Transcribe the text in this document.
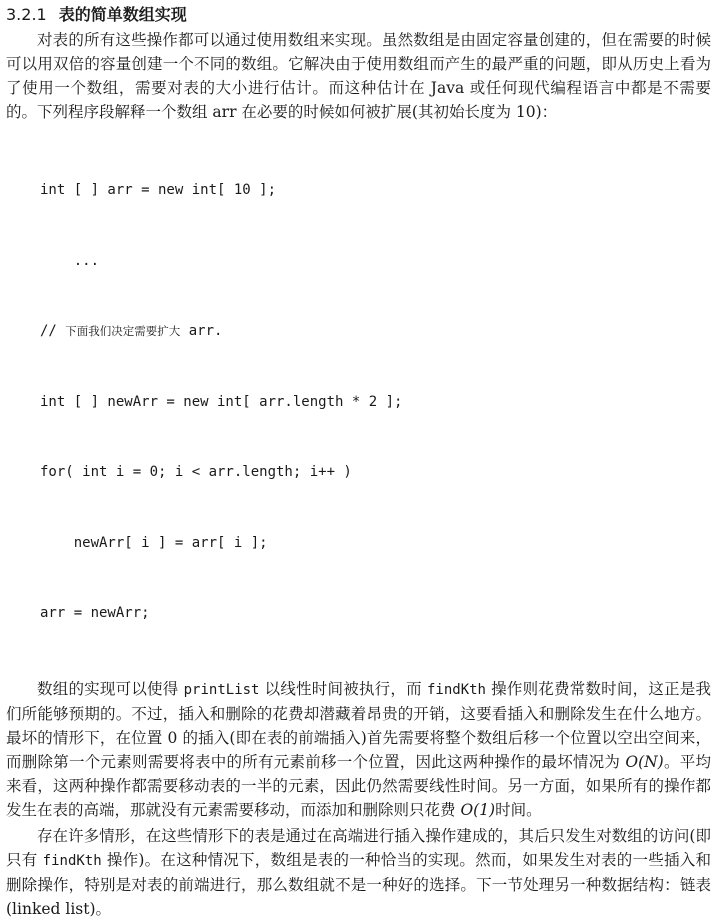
3.2.1 表的简单数组实现

对表的所有这些操作都可以通过使用数组来实现。虽然数组是由固定容量创建的，但在需要的时候可以用双倍的容量创建一个不同的数组。它解决由于使用数组而产生的最严重的问题，即从历史上看为了使用一个数组，需要对表的大小进行估计。而这种估计在 Java 或任何现代编程语言中都是不需要的。下列程序段解释一个数组 arr 在必要的时候如何被扩展(其初始长度为 10)：

int [ ] arr = new int[ 10 ];

...

// 下面我们决定需要扩大 arr.

int [ ] newArr = new int[ arr.length * 2 ];

for( int i = 0; i < arr.length; i++ )

newArr[ i ] = arr[ i ];

arr = newArr;

数组的实现可以使得 printList 以线性时间被执行，而 findKth 操作则花费常数时间，这正是我们所能够预期的。不过，插入和删除的花费却潜藏着昂贵的开销，这要看插入和删除发生在什么地方。最坏的情形下，在位置 0 的插入(即在表的前端插入)首先需要将整个数组后移一个位置以空出空间来，而删除第一个元素则需要将表中的所有元素前移一个位置，因此这两种操作的最坏情况为 O(N)。平均来看，这两种操作都需要移动表的一半的元素，因此仍然需要线性时间。另一方面，如果所有的操作都发生在表的高端，那就没有元素需要移动，而添加和删除则只花费 O(1)时间。

存在许多情形，在这些情形下的表是通过在高端进行插入操作建成的，其后只发生对数组的访问(即只有 findKth 操作)。在这种情况下，数组是表的一种恰当的实现。然而，如果发生对表的一些插入和删除操作，特别是对表的前端进行，那么数组就不是一种好的选择。下一节处理另一种数据结构：链表(linked list)。
